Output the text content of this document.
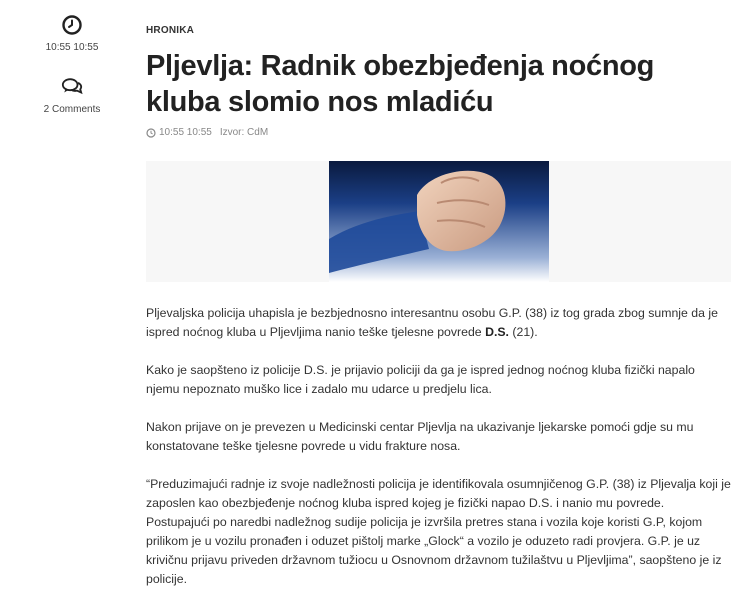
10:55 10:55
2 Comments
HRONIKA
Pljevlja: Radnik obezbjeđenja noćnog kluba slomio nos mladiću
10:55 10:55 Izvor: CdM

Pljevaljska policija uhapisla je bezbjednosno interesantnu osobu G.P. (38) iz tog grada zbog sumnje da je ispred noćnog kluba u Pljevljima nanio teške tjelesne povrede D.S. (21).

Kako je saopšteno iz policije D.S. je prijavio policiji da ga je ispred jednog noćnog kluba fizički napalo njemu nepoznato muško lice i zadalo mu udarce u predjelu lica.

Nakon prijave on je prevezen u Medicinski centar Pljevlja na ukazivanje ljekarske pomoći gdje su mu konstatovane teške tjelesne povrede u vidu frakture nosa.

“Preduzimajući radnje iz svoje nadležnosti policija je identifikovala osumnjičenog G.P. (38) iz Pljevalja koji je zaposlen kao obezbjeđenje noćnog kluba ispred kojeg je fizički napao D.S. i nanio mu povrede. Postupajući po naredbi nadležnog sudije policija je izvršila pretres stana i vozila koje koristi G.P, kojom prilikom je u vozilu pronađen i oduzet pištolj marke „Glock“ a vozilo je oduzeto radi provjera. G.P. je uz krivičnu prijavu priveden državnom tužiocu u Osnovnom državnom tužilaštvu u Pljevljima”, saopšteno je iz policije.
